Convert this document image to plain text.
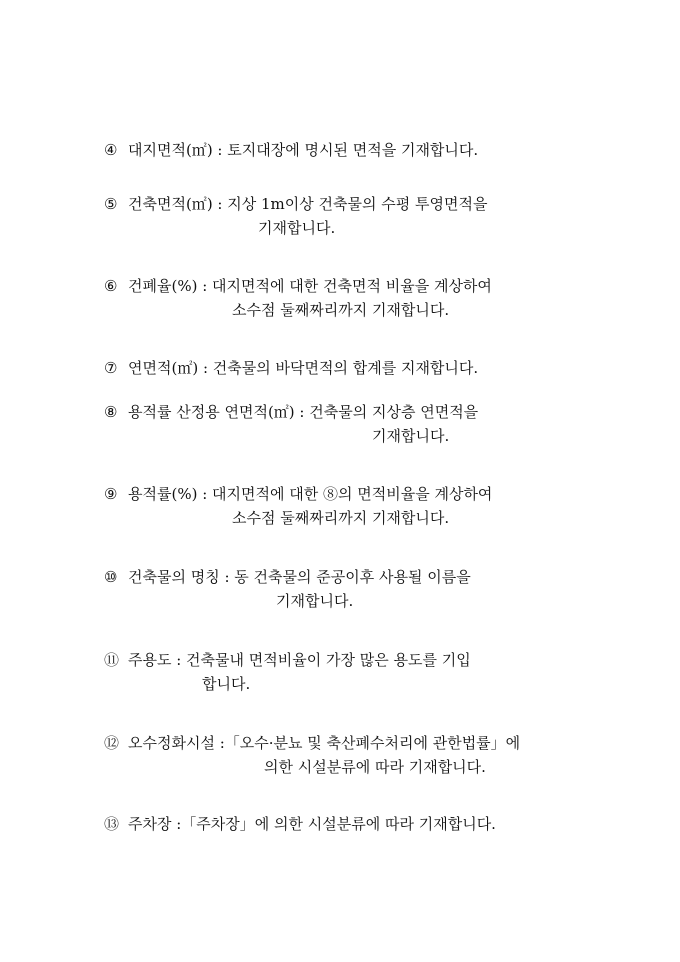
④ 대지면적(㎡) : 토지대장에 명시된 면적을 기재합니다.
⑤ 건축면적(㎡) : 지상 1m이상 건축물의 수평 투영면적을
기재합니다.
⑥ 건폐율(%) : 대지면적에 대한 건축면적 비율을 계상하여
소수점 둘째짜리까지 기재합니다.
⑦ 연면적(㎡) : 건축물의 바닥면적의 합계를 지재합니다.
⑧ 용적률 산정용 연면적(㎡) : 건축물의 지상층 연면적을
기재합니다.
⑨ 용적률(%) : 대지면적에 대한 ⑧의 면적비율을 계상하여
소수점 둘째짜리까지 기재합니다.
⑩ 건축물의 명칭 : 동 건축물의 준공이후 사용될 이름을
기재합니다.
⑪ 주용도 : 건축물내 면적비율이 가장 많은 용도를 기입
합니다.
⑫ 오수정화시설 :「오수·분뇨 및 축산폐수처리에 관한법률」에
의한 시설분류에 따라 기재합니다.
⑬ 주차장 :「주차장」에 의한 시설분류에 따라 기재합니다.
